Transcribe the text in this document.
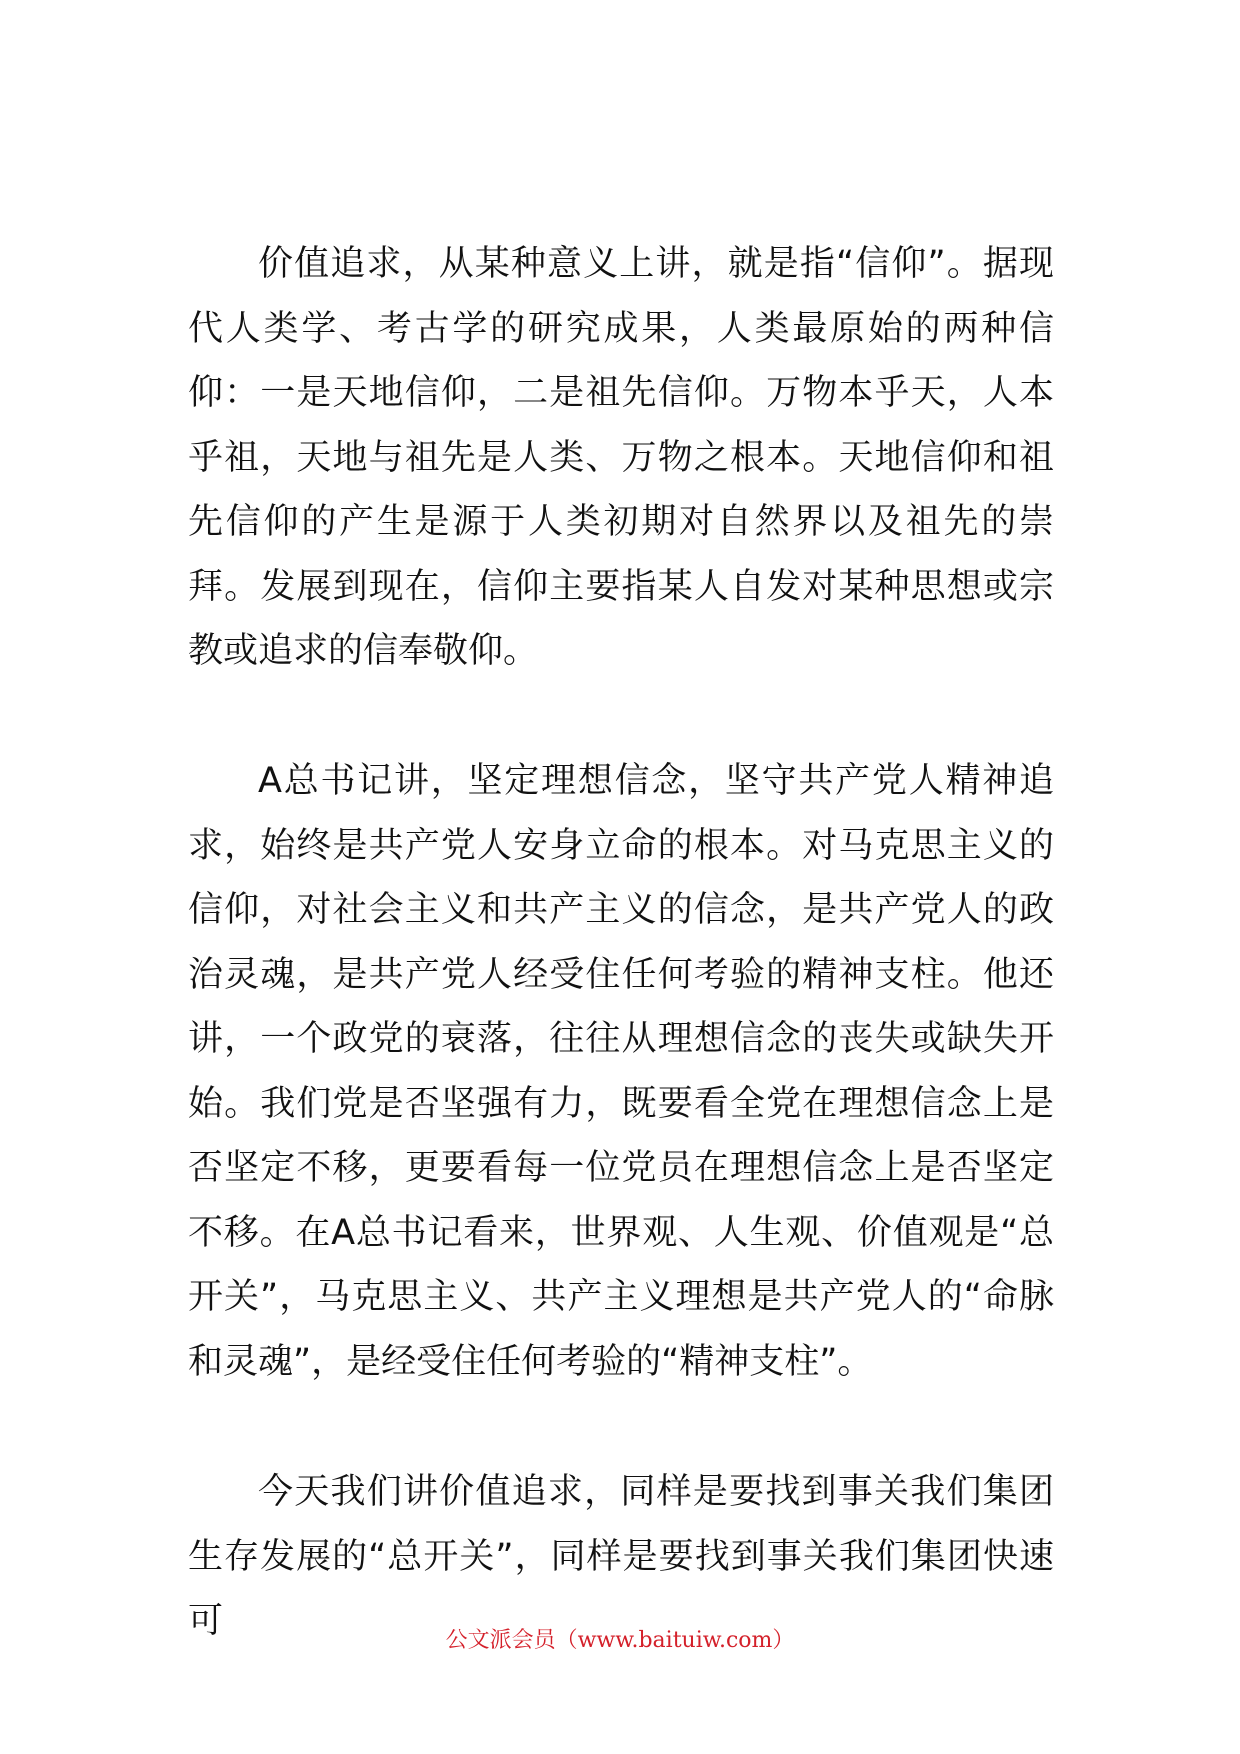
价值追求，从某种意义上讲，就是指“信仰”。据现代人类学、考古学的研究成果，人类最原始的两种信仰：一是天地信仰，二是祖先信仰。万物本乎天，人本乎祖，天地与祖先是人类、万物之根本。天地信仰和祖先信仰的产生是源于人类初期对自然界以及祖先的崇拜。发展到现在，信仰主要指某人自发对某种思想或宗教或追求的信奉敬仰。

A总书记讲，坚定理想信念，坚守共产党人精神追求，始终是共产党人安身立命的根本。对马克思主义的信仰，对社会主义和共产主义的信念，是共产党人的政治灵魂，是共产党人经受住任何考验的精神支柱。他还讲，一个政党的衰落，往往从理想信念的丧失或缺失开始。我们党是否坚强有力，既要看全党在理想信念上是否坚定不移，更要看每一位党员在理想信念上是否坚定不移。在A总书记看来，世界观、人生观、价值观是“总开关”，马克思主义、共产主义理想是共产党人的“命脉和灵魂”，是经受住任何考验的“精神支柱”。

今天我们讲价值追求，同样是要找到事关我们集团生存发展的“总开关”，同样是要找到事关我们集团快速可	公文派会员（www.baituiw.com）
